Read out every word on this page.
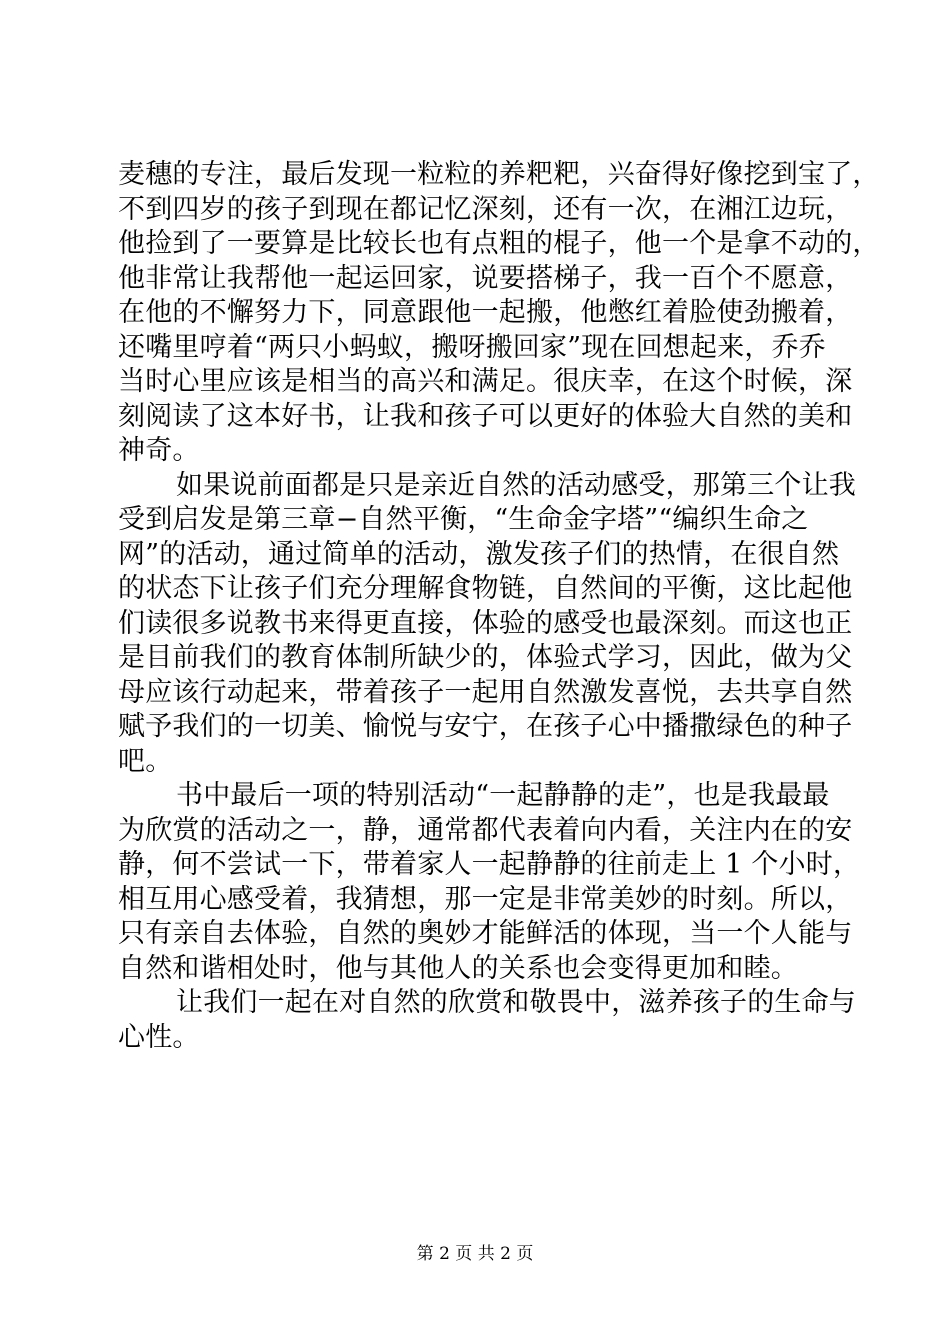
麦穗的专注，最后发现一粒粒的养粑粑，兴奋得好像挖到宝了，
不到四岁的孩子到现在都记忆深刻，还有一次，在湘江边玩，
他捡到了一要算是比较长也有点粗的棍子，他一个是拿不动的，
他非常让我帮他一起运回家，说要搭梯子，我一百个不愿意，
在他的不懈努力下，同意跟他一起搬，他憋红着脸使劲搬着，
还嘴里哼着“两只小蚂蚁，搬呀搬回家”现在回想起来，乔乔
当时心里应该是相当的高兴和满足。很庆幸，在这个时候，深
刻阅读了这本好书，让我和孩子可以更好的体验大自然的美和
神奇。
如果说前面都是只是亲近自然的活动感受，那第三个让我
受到启发是第三章−自然平衡，“生命金字塔”“编织生命之
网”的活动，通过简单的活动，激发孩子们的热情，在很自然
的状态下让孩子们充分理解食物链，自然间的平衡，这比起他
们读很多说教书来得更直接，体验的感受也最深刻。而这也正
是目前我们的教育体制所缺少的，体验式学习，因此，做为父
母应该行动起来，带着孩子一起用自然激发喜悦，去共享自然
赋予我们的一切美、愉悦与安宁，在孩子心中播撒绿色的种子
吧。
书中最后一项的特别活动“一起静静的走”，也是我最最
为欣赏的活动之一，静，通常都代表着向内看，关注内在的安
静，何不尝试一下，带着家人一起静静的往前走上 1 个小时，
相互用心感受着，我猜想，那一定是非常美妙的时刻。所以，
只有亲自去体验，自然的奥妙才能鲜活的体现，当一个人能与
自然和谐相处时，他与其他人的关系也会变得更加和睦。
让我们一起在对自然的欣赏和敬畏中，滋养孩子的生命与
心性。
第 2 页 共 2 页
